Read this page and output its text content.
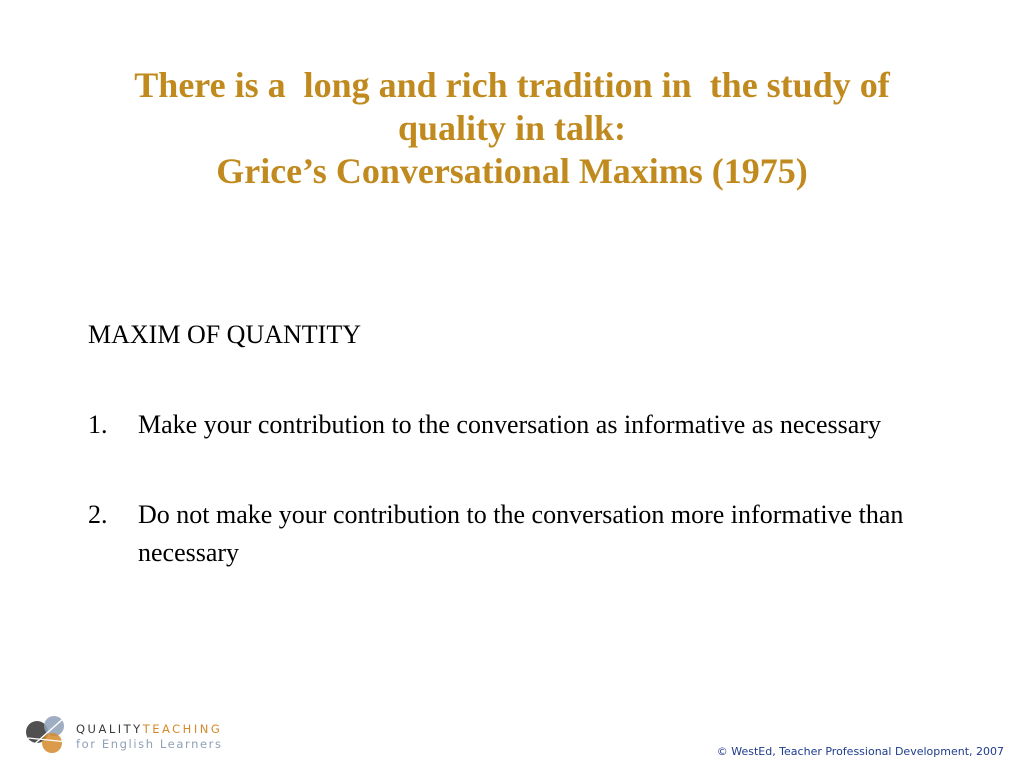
There is a  long and rich tradition in  the study of
quality in talk:
Grice’s Conversational Maxims (1975)

MAXIM OF QUANTITY

1.	Make your contribution to the conversation as informative as necessary
2.	Do not make your contribution to the conversation more informative than necessary
QUALITYTEACHING
for English Learners
© WestEd, Teacher Professional Development, 2007
